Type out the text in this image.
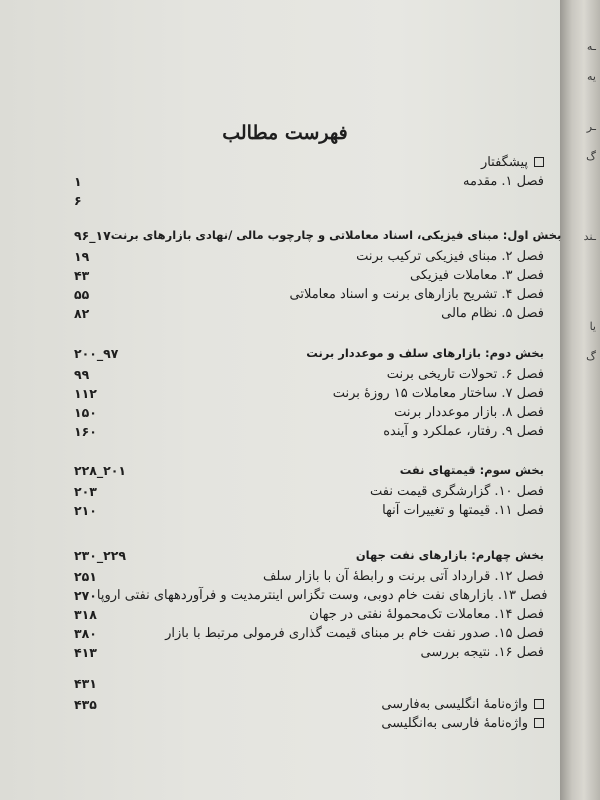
ـه
یه
ـر
گ
ـند
یا
گ
فهرست مطالب
پیشگفتار
۱	فصل ۱. مقدمه
۶
۹۶_۱۷ بخش اول: مبنای فیزیکی، اسناد معاملاتی و چارچوب مالی /نهادی بازارهای برنت
۱۹	فصل ۲. مبنای فیزیکی ترکیب برنت
۴۳	فصل ۳. معاملات فیزیکی
۵۵	فصل ۴. تشریح بازارهای برنت و اسناد معاملاتی
۸۲	فصل ۵. نظام مالی
۲۰۰_۹۷	بخش دوم: بازارهای سلف و موعددار برنت
۹۹	فصل ۶. تحولات تاریخی برنت
۱۱۲	فصل ۷. ساختار معاملات ۱۵ روزهٔ برنت
۱۵۰	فصل ۸. بازار موعددار برنت
۱۶۰	فصل ۹. رفتار، عملکرد و آینده
۲۲۸_۲۰۱	بخش سوم: قیمتهای نفت
۲۰۳	فصل ۱۰. گزارشگری قیمت نفت
۲۱۰	فصل ۱۱. قیمتها و تغییرات آنها
۲۳۰_۲۲۹	بخش چهارم: بازارهای نفت جهان
۲۵۱	فصل ۱۲. قرارداد آتی برنت و رابطهٔ آن با بازار سلف
۲۷۰ فصل ۱۳. بازارهای نفت خام دوبی، وست تگزاس اینترمدیت و فرآوردههای نفتی اروپا
۳۱۸	فصل ۱۴. معاملات تک‌محمولهٔ نفتی در جهان
۳۸۰	فصل ۱۵. صدور نفت خام بر مبنای قیمت گذاری فرمولی مرتبط با بازار
۴۱۳	فصل ۱۶. نتیجه بررسی
۴۳۱
۴۳۵	واژه‌نامهٔ انگلیسی به‌فارسی
واژه‌نامهٔ فارسی به‌انگلیسی
